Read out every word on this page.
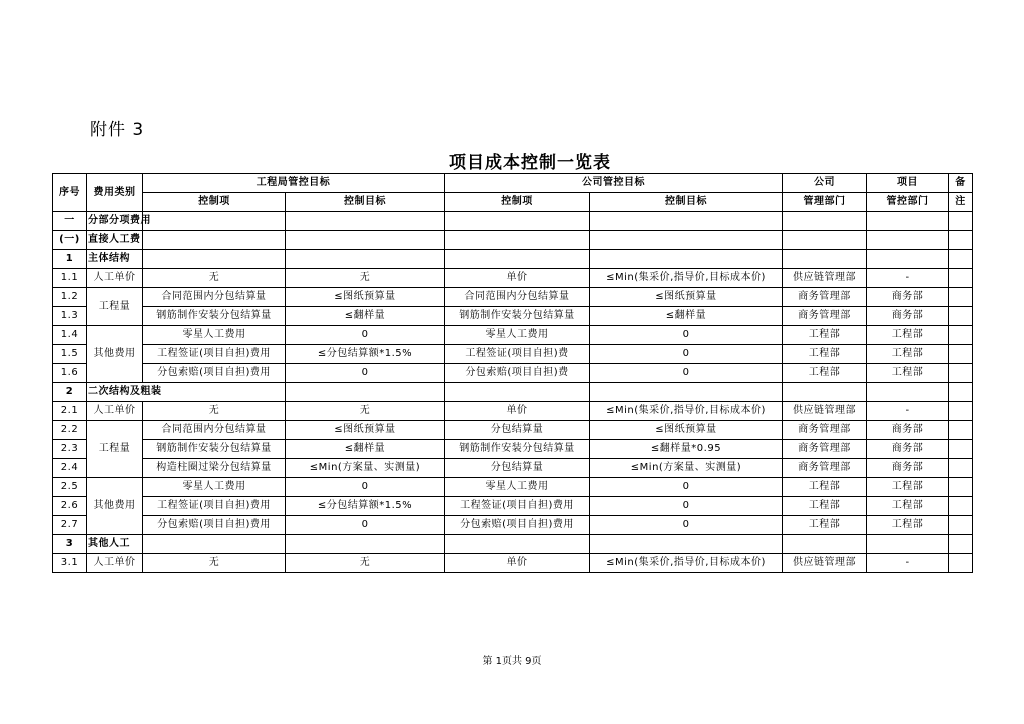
附件 3
项目成本控制一览表
序号	费用类别	工程局管控目标		公司管控目标		公司	项目	备
		控制项	控制目标	控制项	控制目标	管理部门	管控部门	注
一	分部分项费用							
(一)	直接人工费							
1	主体结构							
1.1	人工单价	无	无	单价	≤Min(集采价,指导价,目标成本价)	供应链管理部	-	
1.2	工程量	合同范围内分包结算量	≤图纸预算量	合同范围内分包结算量	≤图纸预算量	商务管理部	商务部	
1.3		钢筋制作安装分包结算量	≤翻样量	钢筋制作安装分包结算量	≤翻样量	商务管理部	商务部	
1.4	其他费用	零星人工费用	0	零星人工费用	0	工程部	工程部	
1.5		工程签证(项目自担)费用	≤分包结算额*1.5%	工程签证(项目自担)费	0	工程部	工程部	
1.6		分包索赔(项目自担)费用	0	分包索赔(项目自担)费	0	工程部	工程部	
2	二次结构及粗装							
2.1	人工单价	无	无	单价	≤Min(集采价,指导价,目标成本价)	供应链管理部	-	
2.2	工程量	合同范围内分包结算量	≤图纸预算量	分包结算量	≤图纸预算量	商务管理部	商务部	
2.3		钢筋制作安装分包结算量	≤翻样量	钢筋制作安装分包结算量	≤翻样量*0.95	商务管理部	商务部	
2.4		构造柱圈过梁分包结算量	≤Min(方案量、实测量)	分包结算量	≤Min(方案量、实测量)	商务管理部	商务部	
2.5	其他费用	零星人工费用	0	零星人工费用	0	工程部	工程部	
2.6		工程签证(项目自担)费用	≤分包结算额*1.5%	工程签证(项目自担)费用	0	工程部	工程部	
2.7		分包索赔(项目自担)费用	0	分包索赔(项目自担)费用	0	工程部	工程部	
3	其他人工							
3.1	人工单价	无	无	单价	≤Min(集采价,指导价,目标成本价)	供应链管理部	-	
第 1页共 9页
